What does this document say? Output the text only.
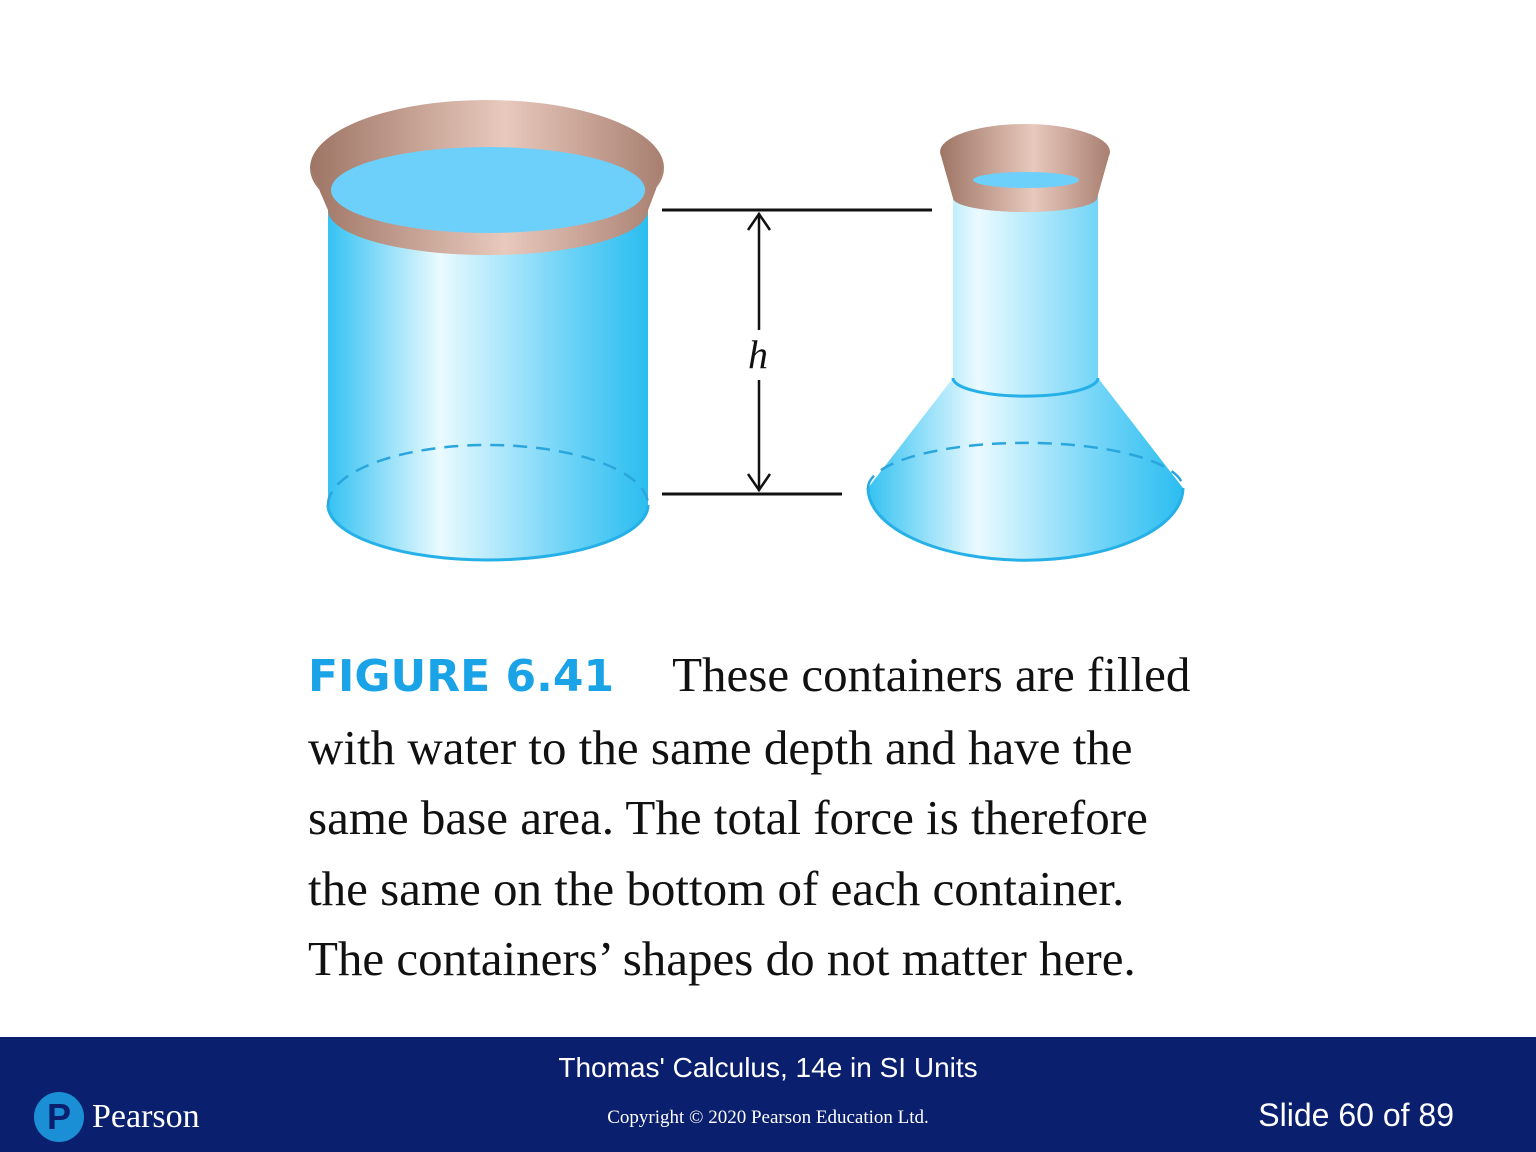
h
FIGURE 6.41 These containers are filled
with water to the same depth and have the
same base area. The total force is therefore
the same on the bottom of each container.
The containers’ shapes do not matter here.
P Pearson
Thomas' Calculus, 14e in SI Units
Copyright © 2020 Pearson Education Ltd.	Slide 60 of 89
